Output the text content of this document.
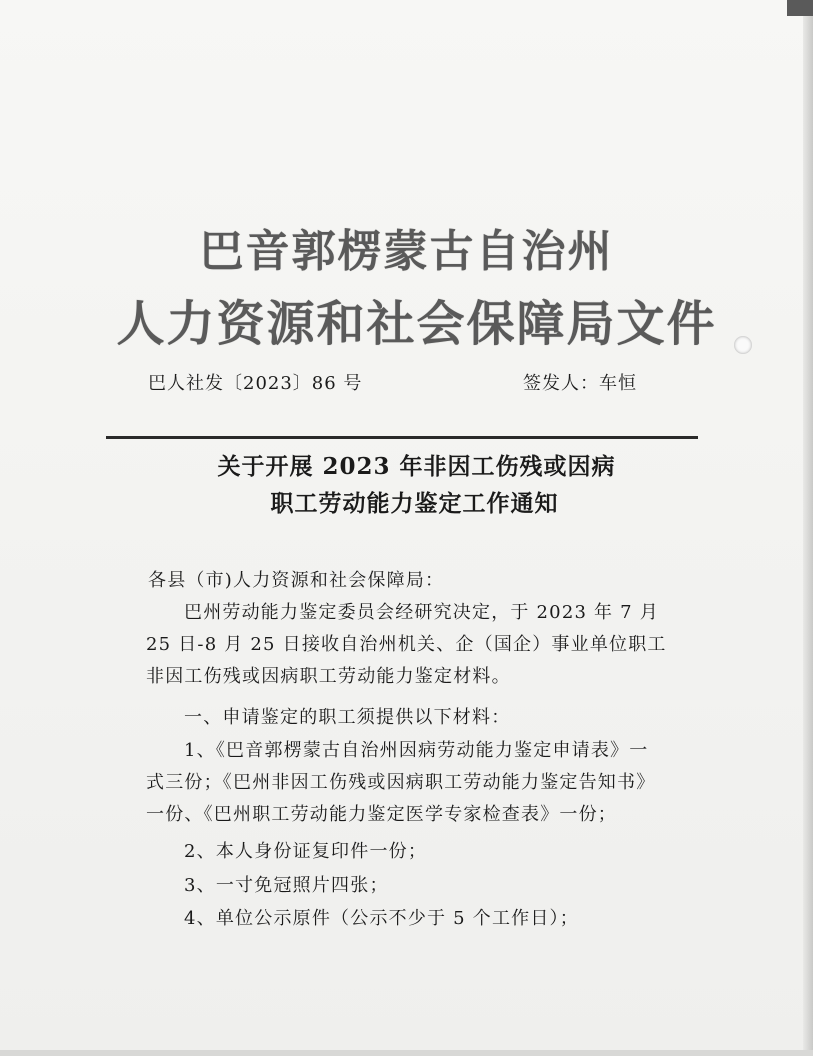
巴音郭楞蒙古自治州
人力资源和社会保障局文件
巴人社发〔2023〕86 号	签发人：车恒
关于开展 2023 年非因工伤残或因病
职工劳动能力鉴定工作通知
各县（市)人力资源和社会保障局：
巴州劳动能力鉴定委员会经研究决定，于 2023 年 7 月
25 日-8 月 25 日接收自治州机关、企（国企）事业单位职工
非因工伤残或因病职工劳动能力鉴定材料。
一、申请鉴定的职工须提供以下材料：
1、《巴音郭楞蒙古自治州因病劳动能力鉴定申请表》一
式三份；《巴州非因工伤残或因病职工劳动能力鉴定告知书》
一份、《巴州职工劳动能力鉴定医学专家检查表》一份；
2、本人身份证复印件一份；
3、一寸免冠照片四张；
4、单位公示原件（公示不少于 5 个工作日）；
